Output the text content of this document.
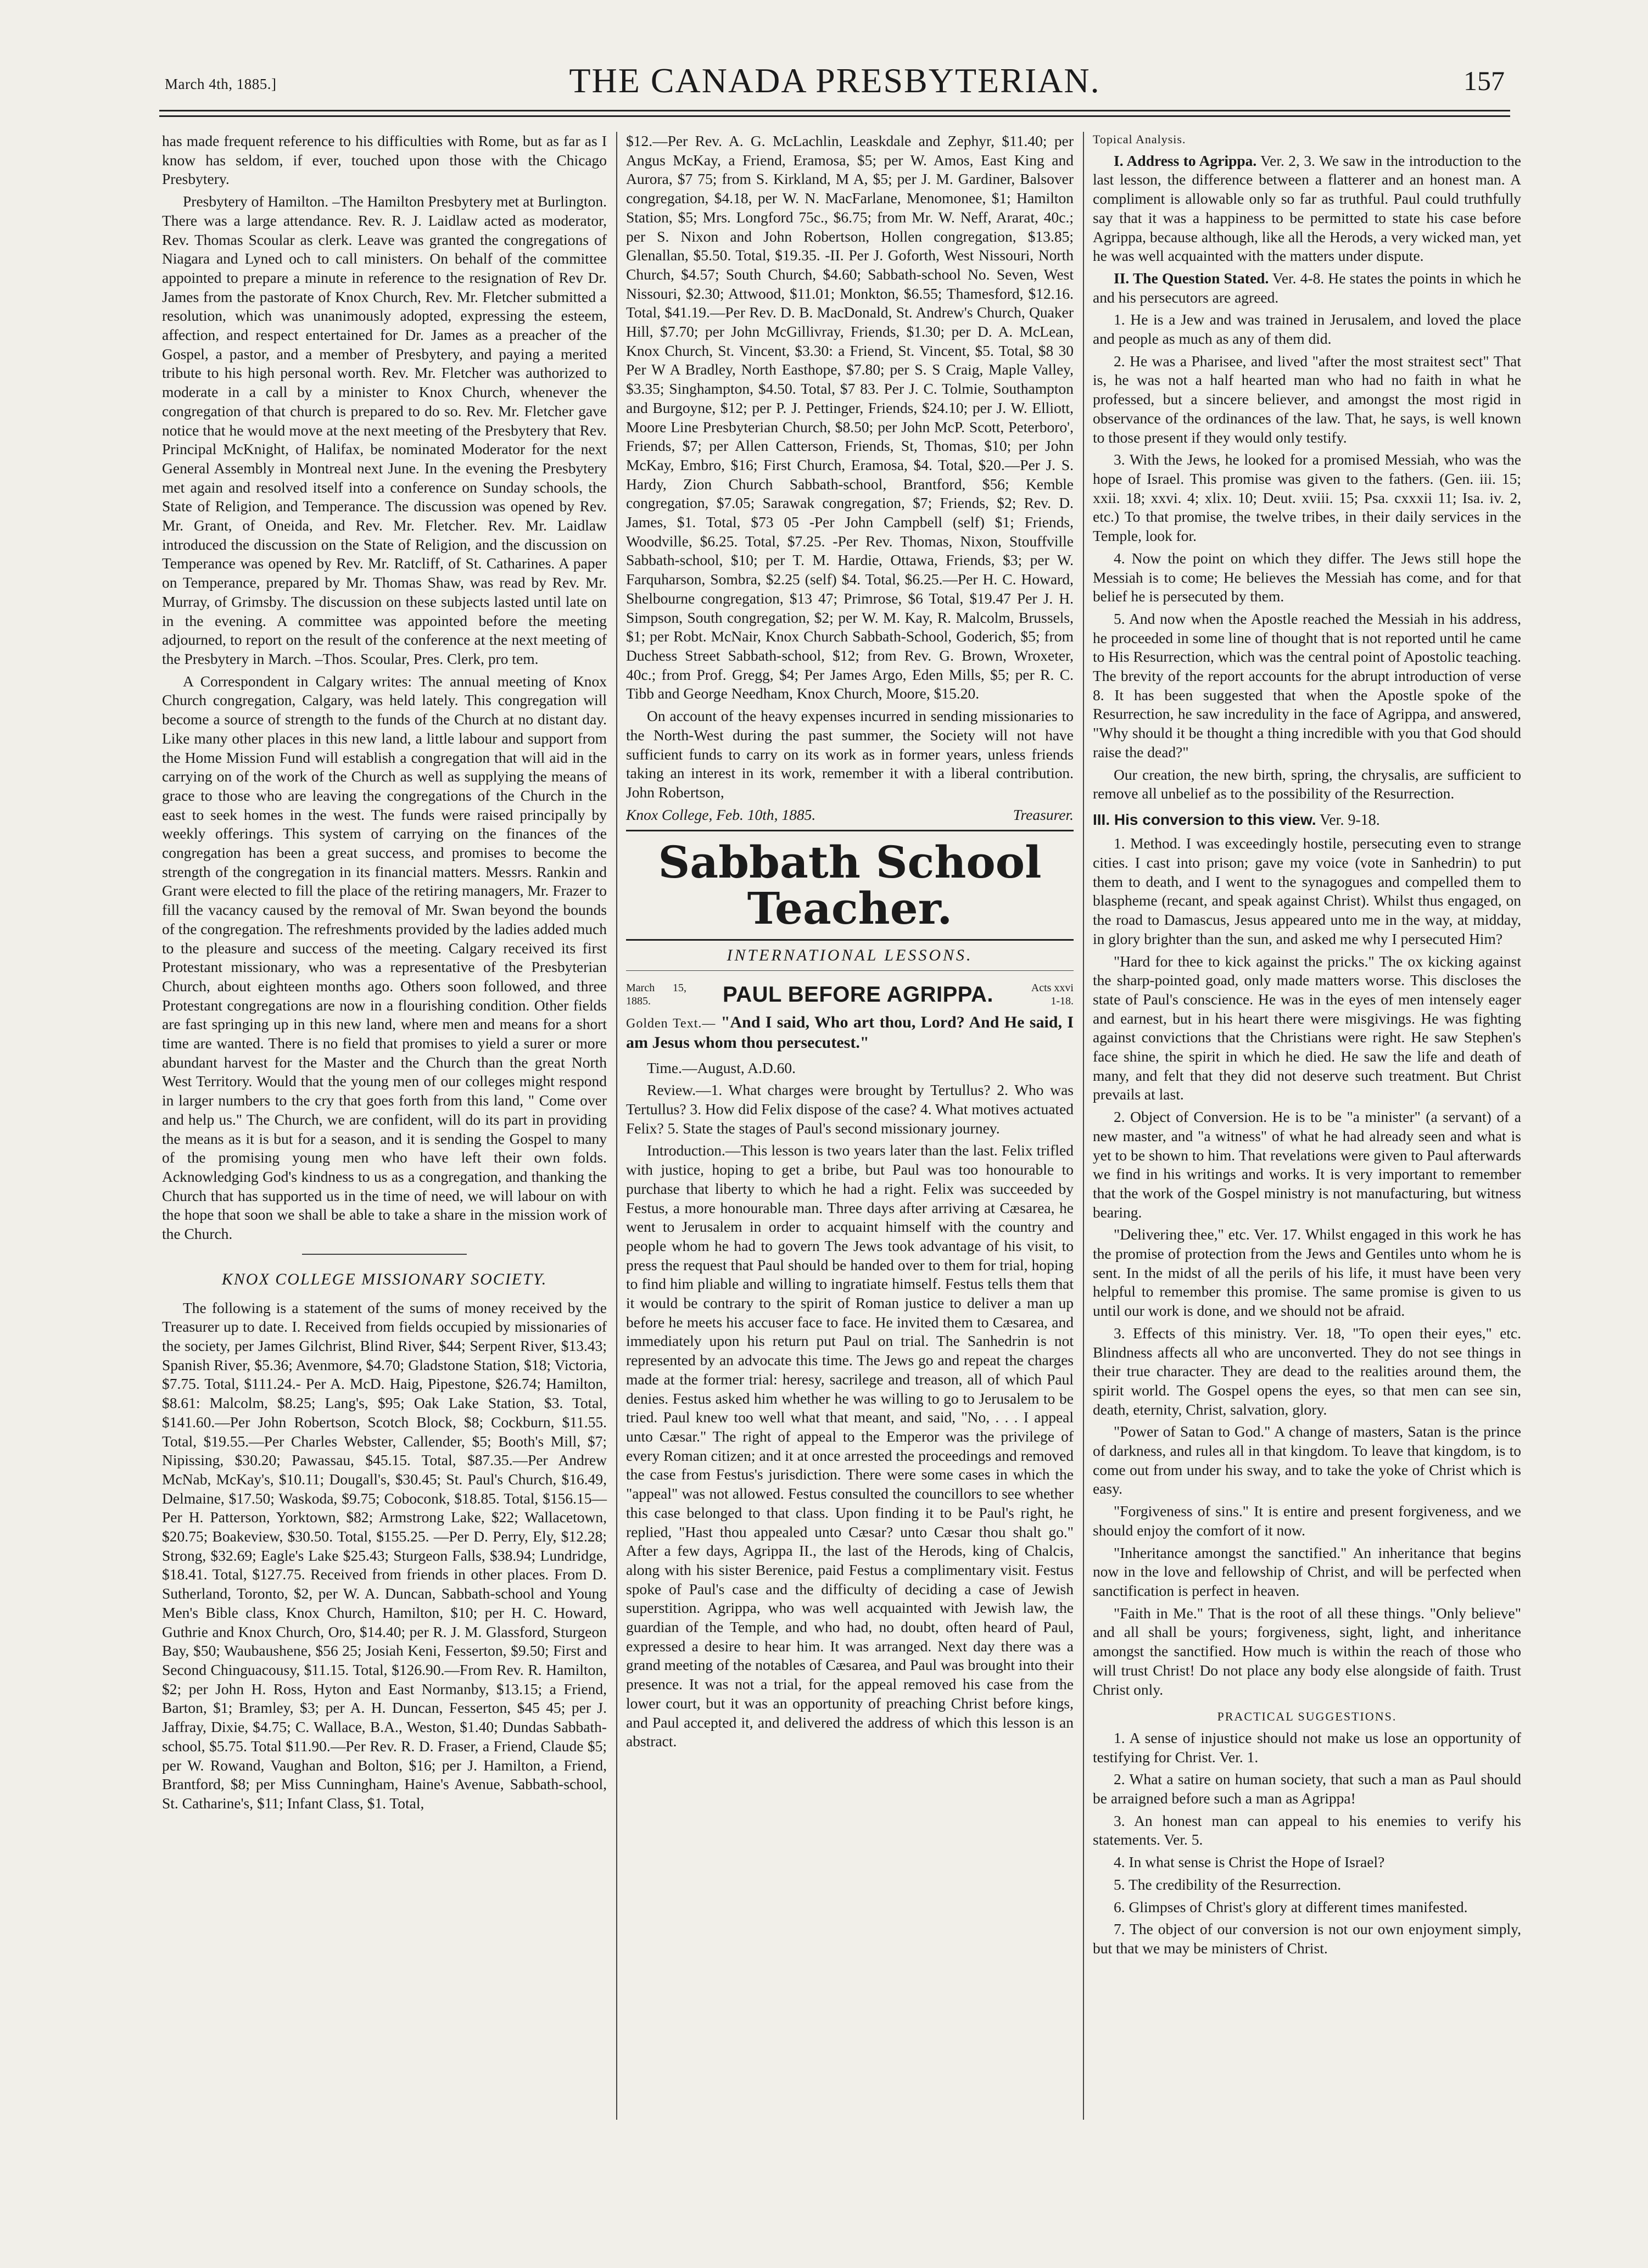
March 4th, 1885.]	THE CANADA PRESBYTERIAN.	157

has made frequent reference to his difficulties with Rome, but as far as I know has seldom, if ever, touched upon those with the Chicago Presbytery.

Presbytery of Hamilton. –The Hamilton Presbytery met at Burlington. There was a large attendance. Rev. R. J. Laidlaw acted as moderator, Rev. Thomas Scoular as clerk. Leave was granted the congregations of Niagara and Lyned och to call ministers. On behalf of the committee appointed to prepare a minute in reference to the resignation of Rev Dr. James from the pastorate of Knox Church, Rev. Mr. Fletcher submitted a resolution, which was unanimously adopted, expressing the esteem, affection, and respect entertained for Dr. James as a preacher of the Gospel, a pastor, and a member of Presbytery, and paying a merited tribute to his high personal worth. Rev. Mr. Fletcher was authorized to moderate in a call by a minister to Knox Church, whenever the congregation of that church is prepared to do so. Rev. Mr. Fletcher gave notice that he would move at the next meeting of the Presbytery that Rev. Principal McKnight, of Halifax, be nominated Moderator for the next General Assembly in Montreal next June. In the evening the Presbytery met again and resolved itself into a conference on Sunday schools, the State of Religion, and Temperance. The discussion was opened by Rev. Mr. Grant, of Oneida, and Rev. Mr. Fletcher. Rev. Mr. Laidlaw introduced the discussion on the State of Religion, and the discussion on Temperance was opened by Rev. Mr. Ratcliff, of St. Catharines. A paper on Temperance, prepared by Mr. Thomas Shaw, was read by Rev. Mr. Murray, of Grimsby. The discussion on these subjects lasted until late on in the evening. A committee was appointed before the meeting adjourned, to report on the result of the conference at the next meeting of the Presbytery in March. –Thos. Scoular, Pres. Clerk, pro tem.

A Correspondent in Calgary writes: The annual meeting of Knox Church congregation, Calgary, was held lately. This congregation will become a source of strength to the funds of the Church at no distant day. Like many other places in this new land, a little labour and support from the Home Mission Fund will establish a congregation that will aid in the carrying on of the work of the Church as well as supplying the means of grace to those who are leaving the congregations of the Church in the east to seek homes in the west. The funds were raised principally by weekly offerings. This system of carrying on the finances of the congregation has been a great success, and promises to become the strength of the congregation in its financial matters. Messrs. Rankin and Grant were elected to fill the place of the retiring managers, Mr. Frazer to fill the vacancy caused by the removal of Mr. Swan beyond the bounds of the congregation. The refreshments provided by the ladies added much to the pleasure and success of the meeting. Calgary received its first Protestant missionary, who was a representative of the Presbyterian Church, about eighteen months ago. Others soon followed, and three Protestant congregations are now in a flourishing condition. Other fields are fast springing up in this new land, where men and means for a short time are wanted. There is no field that promises to yield a surer or more abundant harvest for the Master and the Church than the great North West Territory. Would that the young men of our colleges might respond in larger numbers to the cry that goes forth from this land, " Come over and help us." The Church, we are confident, will do its part in providing the means as it is but for a season, and it is sending the Gospel to many of the promising young men who have left their own folds. Acknowledging God's kindness to us as a congregation, and thanking the Church that has supported us in the time of need, we will labour on with the hope that soon we shall be able to take a share in the mission work of the Church.

KNOX COLLEGE MISSIONARY SOCIETY.

The following is a statement of the sums of money received by the Treasurer up to date. I. Received from fields occupied by missionaries of the society, per James Gilchrist, Blind River, $44; Serpent River, $13.43; Spanish River, $5.36; Avenmore, $4.70; Gladstone Station, $18; Victoria, $7.75. Total, $111.24.- Per A. McD. Haig, Pipestone, $26.74; Hamilton, $8.61: Malcolm, $8.25; Lang's, $95; Oak Lake Station, $3. Total, $141.60.—Per John Robertson, Scotch Block, $8; Cockburn, $11.55. Total, $19.55.—Per Charles Webster, Callender, $5; Booth's Mill, $7; Nipissing, $30.20; Pawassau, $45.15. Total, $87.35.—Per Andrew McNab, McKay's, $10.11; Dougall's, $30.45; St. Paul's Church, $16.49, Delmaine, $17.50; Waskoda, $9.75; Coboconk, $18.85. Total, $156.15—Per H. Patterson, Yorktown, $82; Armstrong Lake, $22; Wallacetown, $20.75; Boakeview, $30.50. Total, $155.25. —Per D. Perry, Ely, $12.28; Strong, $32.69; Eagle's Lake $25.43; Sturgeon Falls, $38.94; Lundridge, $18.41. Total, $127.75. Received from friends in other places. From D. Sutherland, Toronto, $2, per W. A. Duncan, Sabbath-school and Young Men's Bible class, Knox Church, Hamilton, $10; per H. C. Howard, Guthrie and Knox Church, Oro, $14.40; per R. J. M. Glassford, Sturgeon Bay, $50; Waubaushene, $56 25; Josiah Keni, Fesserton, $9.50; First and Second Chinguacousy, $11.15. Total, $126.90.—From Rev. R. Hamilton, $2; per John H. Ross, Hyton and East Normanby, $13.15; a Friend, Barton, $1; Bramley, $3; per A. H. Duncan, Fesserton, $45 45; per J. Jaffray, Dixie, $4.75; C. Wallace, B.A., Weston, $1.40; Dundas Sabbath-school, $5.75. Total $11.90.—Per Rev. R. D. Fraser, a Friend, Claude $5; per W. Rowand, Vaughan and Bolton, $16; per J. Hamilton, a Friend, Brantford, $8; per Miss Cunningham, Haine's Avenue, Sabbath-school, St. Catharine's, $11; Infant Class, $1. Total,

$12.—Per Rev. A. G. McLachlin, Leaskdale and Zephyr, $11.40; per Angus McKay, a Friend, Eramosa, $5; per W. Amos, East King and Aurora, $7 75; from S. Kirkland, M A, $5; per J. M. Gardiner, Balsover congregation, $4.18, per W. N. MacFarlane, Menomonee, $1; Hamilton Station, $5; Mrs. Longford 75c., $6.75; from Mr. W. Neff, Ararat, 40c.; per S. Nixon and John Robertson, Hollen congregation, $13.85; Glenallan, $5.50. Total, $19.35. -II. Per J. Goforth, West Nissouri, North Church, $4.57; South Church, $4.60; Sabbath-school No. Seven, West Nissouri, $2.30; Attwood, $11.01; Monkton, $6.55; Thamesford, $12.16. Total, $41.19.—Per Rev. D. B. MacDonald, St. Andrew's Church, Quaker Hill, $7.70; per John McGillivray, Friends, $1.30; per D. A. McLean, Knox Church, St. Vincent, $3.30: a Friend, St. Vincent, $5. Total, $8 30 Per W A Bradley, North Easthope, $7.80; per S. S Craig, Maple Valley, $3.35; Singhampton, $4.50. Total, $7 83. Per J. C. Tolmie, Southampton and Burgoyne, $12; per P. J. Pettinger, Friends, $24.10; per J. W. Elliott, Moore Line Presbyterian Church, $8.50; per John McP. Scott, Peterboro', Friends, $7; per Allen Catterson, Friends, St, Thomas, $10; per John McKay, Embro, $16; First Church, Eramosa, $4. Total, $20.—Per J. S. Hardy, Zion Church Sabbath-school, Brantford, $56; Kemble congregation, $7.05; Sarawak congregation, $7; Friends, $2; Rev. D. James, $1. Total, $73 05 -Per John Campbell (self) $1; Friends, Woodville, $6.25. Total, $7.25. -Per Rev. Thomas, Nixon, Stouffville Sabbath-school, $10; per T. M. Hardie, Ottawa, Friends, $3; per W. Farquharson, Sombra, $2.25 (self) $4. Total, $6.25.—Per H. C. Howard, Shelbourne congregation, $13 47; Primrose, $6 Total, $19.47 Per J. H. Simpson, South congregation, $2; per W. M. Kay, R. Malcolm, Brussels, $1; per Robt. McNair, Knox Church Sabbath-School, Goderich, $5; from Duchess Street Sabbath-school, $12; from Rev. G. Brown, Wroxeter, 40c.; from Prof. Gregg, $4; Per James Argo, Eden Mills, $5; per R. C. Tibb and George Needham, Knox Church, Moore, $15.20.

On account of the heavy expenses incurred in sending missionaries to the North-West during the past summer, the Society will not have sufficient funds to carry on its work as in former years, unless friends taking an interest in its work, remember it with a liberal contribution. John Robertson,

Knox College, Feb. 10th, 1885.	Treasurer.
Sabbath School Teacher.
INTERNATIONAL LESSONS.
March 15, 1885.	PAUL BEFORE AGRIPPA.	Acts xxvi 1-18.
Golden Text.— "And I said, Who art thou, Lord? And He said, I am Jesus whom thou persecutest."

Time.—August, A.D.60.

Review.—1. What charges were brought by Tertullus? 2. Who was Tertullus? 3. How did Felix dispose of the case? 4. What motives actuated Felix? 5. State the stages of Paul's second missionary journey.

Introduction.—This lesson is two years later than the last. Felix trifled with justice, hoping to get a bribe, but Paul was too honourable to purchase that liberty to which he had a right. Felix was succeeded by Festus, a more honourable man. Three days after arriving at Cæsarea, he went to Jerusalem in order to acquaint himself with the country and people whom he had to govern The Jews took advantage of his visit, to press the request that Paul should be handed over to them for trial, hoping to find him pliable and willing to ingratiate himself. Festus tells them that it would be contrary to the spirit of Roman justice to deliver a man up before he meets his accuser face to face. He invited them to Cæsarea, and immediately upon his return put Paul on trial. The Sanhedrin is not represented by an advocate this time. The Jews go and repeat the charges made at the former trial: heresy, sacrilege and treason, all of which Paul denies. Festus asked him whether he was willing to go to Jerusalem to be tried. Paul knew too well what that meant, and said, "No, . . . I appeal unto Cæsar." The right of appeal to the Emperor was the privilege of every Roman citizen; and it at once arrested the proceedings and removed the case from Festus's jurisdiction. There were some cases in which the "appeal" was not allowed. Festus consulted the councillors to see whether this case belonged to that class. Upon finding it to be Paul's right, he replied, "Hast thou appealed unto Cæsar? unto Cæsar thou shalt go." After a few days, Agrippa II., the last of the Herods, king of Chalcis, along with his sister Berenice, paid Festus a complimentary visit. Festus spoke of Paul's case and the difficulty of deciding a case of Jewish superstition. Agrippa, who was well acquainted with Jewish law, the guardian of the Temple, and who had, no doubt, often heard of Paul, expressed a desire to hear him. It was arranged. Next day there was a grand meeting of the notables of Cæsarea, and Paul was brought into their presence. It was not a trial, for the appeal removed his case from the lower court, but it was an opportunity of preaching Christ before kings, and Paul accepted it, and delivered the address of which this lesson is an abstract.

Topical Analysis.

I. Address to Agrippa. Ver. 2, 3. We saw in the introduction to the last lesson, the difference between a flatterer and an honest man. A compliment is allowable only so far as truthful. Paul could truthfully say that it was a happiness to be permitted to state his case before Agrippa, because although, like all the Herods, a very wicked man, yet he was well acquainted with the matters under dispute.

II. The Question Stated. Ver. 4-8. He states the points in which he and his persecutors are agreed.

1. He is a Jew and was trained in Jerusalem, and loved the place and people as much as any of them did.

2. He was a Pharisee, and lived "after the most straitest sect" That is, he was not a half hearted man who had no faith in what he professed, but a sincere believer, and amongst the most rigid in observance of the ordinances of the law. That, he says, is well known to those present if they would only testify.

3. With the Jews, he looked for a promised Messiah, who was the hope of Israel. This promise was given to the fathers. (Gen. iii. 15; xxii. 18; xxvi. 4; xlix. 10; Deut. xviii. 15; Psa. cxxxii 11; Isa. iv. 2, etc.) To that promise, the twelve tribes, in their daily services in the Temple, look for.

4. Now the point on which they differ. The Jews still hope the Messiah is to come; He believes the Messiah has come, and for that belief he is persecuted by them.

5. And now when the Apostle reached the Messiah in his address, he proceeded in some line of thought that is not reported until he came to His Resurrection, which was the central point of Apostolic teaching. The brevity of the report accounts for the abrupt introduction of verse 8. It has been suggested that when the Apostle spoke of the Resurrection, he saw incredulity in the face of Agrippa, and answered, "Why should it be thought a thing incredible with you that God should raise the dead?"

Our creation, the new birth, spring, the chrysalis, are sufficient to remove all unbelief as to the possibility of the Resurrection.

III. His conversion to this view. Ver. 9-18.

1. Method. I was exceedingly hostile, persecuting even to strange cities. I cast into prison; gave my voice (vote in Sanhedrin) to put them to death, and I went to the synagogues and compelled them to blaspheme (recant, and speak against Christ). Whilst thus engaged, on the road to Damascus, Jesus appeared unto me in the way, at midday, in glory brighter than the sun, and asked me why I persecuted Him?

"Hard for thee to kick against the pricks." The ox kicking against the sharp-pointed goad, only made matters worse. This discloses the state of Paul's conscience. He was in the eyes of men intensely eager and earnest, but in his heart there were misgivings. He was fighting against convictions that the Christians were right. He saw Stephen's face shine, the spirit in which he died. He saw the life and death of many, and felt that they did not deserve such treatment. But Christ prevails at last.

2. Object of Conversion. He is to be "a minister" (a servant) of a new master, and "a witness" of what he had already seen and what is yet to be shown to him. That revelations were given to Paul afterwards we find in his writings and works. It is very important to remember that the work of the Gospel ministry is not manufacturing, but witness bearing.

"Delivering thee," etc. Ver. 17. Whilst engaged in this work he has the promise of protection from the Jews and Gentiles unto whom he is sent. In the midst of all the perils of his life, it must have been very helpful to remember this promise. The same promise is given to us until our work is done, and we should not be afraid.

3. Effects of this ministry. Ver. 18, "To open their eyes," etc. Blindness affects all who are unconverted. They do not see things in their true character. They are dead to the realities around them, the spirit world. The Gospel opens the eyes, so that men can see sin, death, eternity, Christ, salvation, glory.

"Power of Satan to God." A change of masters, Satan is the prince of darkness, and rules all in that kingdom. To leave that kingdom, is to come out from under his sway, and to take the yoke of Christ which is easy.

"Forgiveness of sins." It is entire and present forgiveness, and we should enjoy the comfort of it now.

"Inheritance amongst the sanctified." An inheritance that begins now in the love and fellowship of Christ, and will be perfected when sanctification is perfect in heaven.

"Faith in Me." That is the root of all these things. "Only believe" and all shall be yours; forgiveness, sight, light, and inheritance amongst the sanctified. How much is within the reach of those who will trust Christ! Do not place any body else alongside of faith. Trust Christ only.

PRACTICAL SUGGESTIONS.

1. A sense of injustice should not make us lose an opportunity of testifying for Christ. Ver. 1.

2. What a satire on human society, that such a man as Paul should be arraigned before such a man as Agrippa!

3. An honest man can appeal to his enemies to verify his statements. Ver. 5.

4. In what sense is Christ the Hope of Israel?

5. The credibility of the Resurrection.

6. Glimpses of Christ's glory at different times manifested.

7. The object of our conversion is not our own enjoyment simply, but that we may be ministers of Christ.
